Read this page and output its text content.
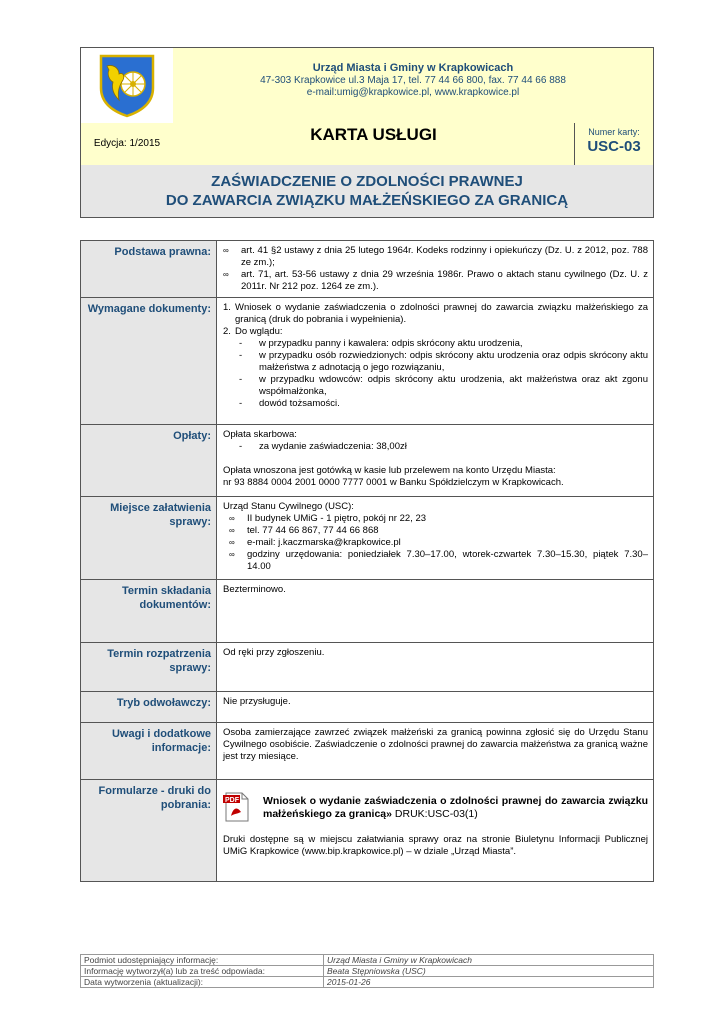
Urząd Miasta i Gminy w Krapkowicach
47-303 Krapkowice ul.3 Maja 17, tel. 77 44 66 800, fax. 77 44 66 888
e-mail:umig@krapkowice.pl, www.krapkowice.pl
Edycja: 1/2015	KARTA USŁUGI	Numer karty:
USC-03
ZAŚWIADCZENIE O ZDOLNOŚCI PRAWNEJ
DO ZAWARCIA ZWIĄZKU MAŁŻEŃSKIEGO ZA GRANICĄ
Podstawa prawna:	∞	art. 41 §2 ustawy z dnia 25 lutego 1964r. Kodeks rodzinny i opiekuńczy (Dz. U. z 2012, poz. 788 ze zm.);
∞	art. 71, art. 53-56 ustawy z dnia 29 września 1986r. Prawo o aktach stanu cywilnego (Dz. U. z 2011r. Nr 212 poz. 1264 ze zm.).
Wymagane dokumenty:	1. Wniosek o wydanie zaświadczenia o zdolności prawnej do zawarcia związku małżeńskiego za granicą (druk do pobrania i wypełnienia).
2. Do wglądu:
-	w przypadku panny i kawalera: odpis skrócony aktu urodzenia,
-	w przypadku osób rozwiedzionych: odpis skrócony aktu urodzenia oraz odpis skrócony aktu małżeństwa z adnotacją o jego rozwiązaniu,
-	w przypadku wdowców: odpis skrócony aktu urodzenia, akt małżeństwa oraz akt zgonu współmałżonka,
-	dowód tożsamości.
Opłaty:	Opłata skarbowa:
-	za wydanie zaświadczenia: 38,00zł
Opłata wnoszona jest gotówką w kasie lub przelewem na konto Urzędu Miasta:
nr 93 8884 0004 2001 0000 7777 0001 w Banku Spółdzielczym w Krapkowicach.
Miejsce załatwienia sprawy:
Urząd Stanu Cywilnego (USC):
∞	II budynek UMiG - 1 piętro, pokój nr 22, 23
∞	tel. 77 44 66 867, 77 44 66 868
∞	e-mail: j.kaczmarska@krapkowice.pl
∞	godziny urzędowania: poniedziałek 7.30–17.00, wtorek-czwartek 7.30–15.30, piątek 7.30–14.00
Termin składania dokumentów:
Bezterminowo.
Termin rozpatrzenia sprawy:
Od ręki przy zgłoszeniu.
Tryb odwoławczy:	Nie przysługuje.
Uwagi i dodatkowe informacje:
Osoba zamierzające zawrzeć związek małżeński za granicą powinna zgłosić się do Urzędu Stanu Cywilnego osobiście. Zaświadczenie o zdolności prawnej do zawarcia małżeństwa za granicą ważne jest trzy miesiące.
Formularze - druki do pobrania:	PDF Wniosek o wydanie zaświadczenia o zdolności prawnej do zawarcia związku małżeńskiego za granicą» DRUK:USC-03(1)
Druki dostępne są w miejscu załatwiania sprawy oraz na stronie Biuletynu Informacji Publicznej UMiG Krapkowice (www.bip.krapkowice.pl) – w dziale „Urząd Miasta”.
Podmiot udostępniający informację:	Urząd Miasta i Gminy w Krapkowicach
Informację wytworzył(a) lub za treść odpowiada:	Beata Stępniowska (USC)
Data wytworzenia (aktualizacji):	2015-01-26
